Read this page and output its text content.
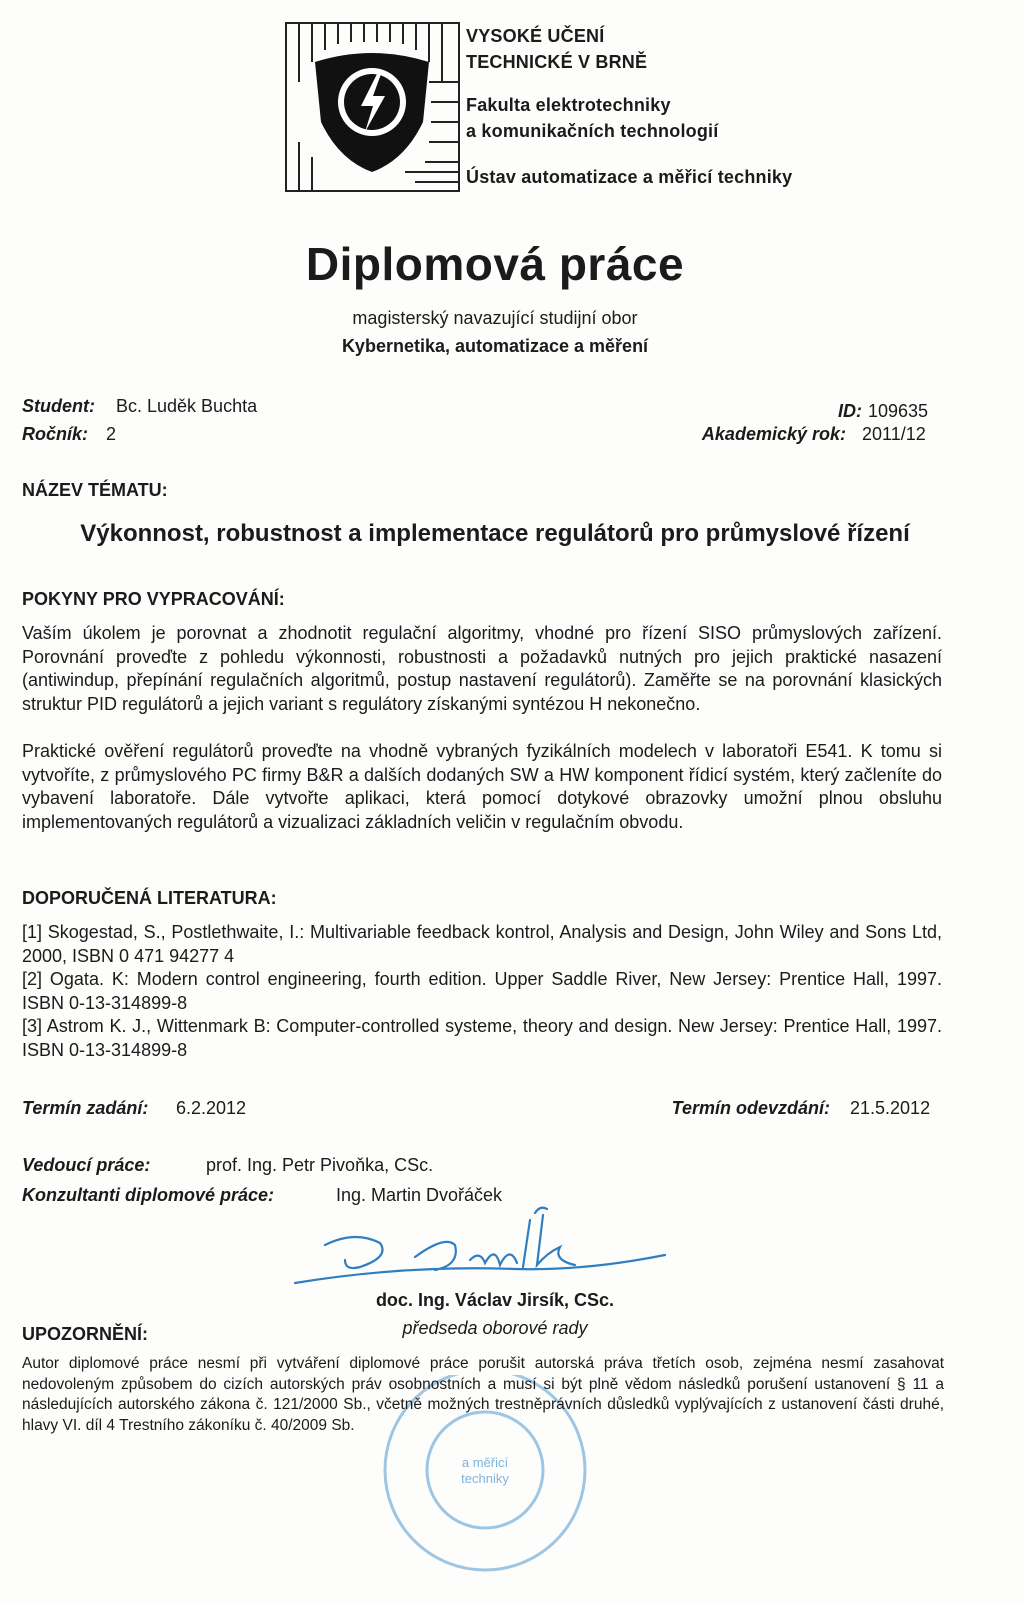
VYSOKÉ UČENÍ
TECHNICKÉ V BRNĚ
Fakulta elektrotechniky
a komunikačních technologií
Ústav automatizace a měřicí techniky
Diplomová práce
magisterský navazující studijní obor
Kybernetika, automatizace a měření
Student: Bc. Luděk Buchta
Ročník: 2
ID: 109635
Akademický rok: 2011/12
NÁZEV TÉMATU:
Výkonnost, robustnost a implementace regulátorů pro průmyslové řízení
POKYNY PRO VYPRACOVÁNÍ:
Vaším úkolem je porovnat a zhodnotit regulační algoritmy, vhodné pro řízení SISO průmyslových zařízení. Porovnání proveďte z pohledu výkonnosti, robustnosti a požadavků nutných pro jejich praktické nasazení (antiwindup, přepínání regulačních algoritmů, postup nastavení regulátorů). Zaměřte se na porovnání klasických struktur PID regulátorů a jejich variant s regulátory získanými syntézou H nekonečno.
Praktické ověření regulátorů proveďte na vhodně vybraných fyzikálních modelech v laboratoři E541. K tomu si vytvoříte, z průmyslového PC firmy B&R a dalších dodaných SW a HW komponent řídicí systém, který začleníte do vybavení laboratoře. Dále vytvořte aplikaci, která pomocí dotykové obrazovky umožní plnou obsluhu implementovaných regulátorů a vizualizaci základních veličin v regulačním obvodu.
DOPORUČENÁ LITERATURA:

[1] Skogestad, S., Postlethwaite, I.: Multivariable feedback kontrol, Analysis and Design, John Wiley and Sons Ltd, 2000, ISBN 0 471 94277 4

[2] Ogata. K: Modern control engineering, fourth edition. Upper Saddle River, New Jersey: Prentice Hall, 1997. ISBN 0-13-314899-8

[3] Astrom K. J., Wittenmark B: Computer-controlled systeme, theory and design. New Jersey: Prentice Hall, 1997. ISBN 0-13-314899-8

Termín zadání: 6.2.2012	Termín odevzdání: 21.5.2012
Vedoucí práce:	prof. Ing. Petr Pivoňka, CSc.
Konzultanti diplomové práce:	Ing. Martin Dvořáček
a měřicí
techniky
doc. Ing. Václav Jirsík, CSc.
předseda oborové rady
UPOZORNĚNÍ:
Autor diplomové práce nesmí při vytváření diplomové práce porušit autorská práva třetích osob, zejména nesmí zasahovat nedovoleným způsobem do cizích autorských práv osobnostních a musí si být plně vědom následků porušení ustanovení § 11 a následujících autorského zákona č. 121/2000 Sb., včetně možných trestněprávních důsledků vyplývajících z ustanovení části druhé, hlavy VI. díl 4 Trestního zákoníku č. 40/2009 Sb.
